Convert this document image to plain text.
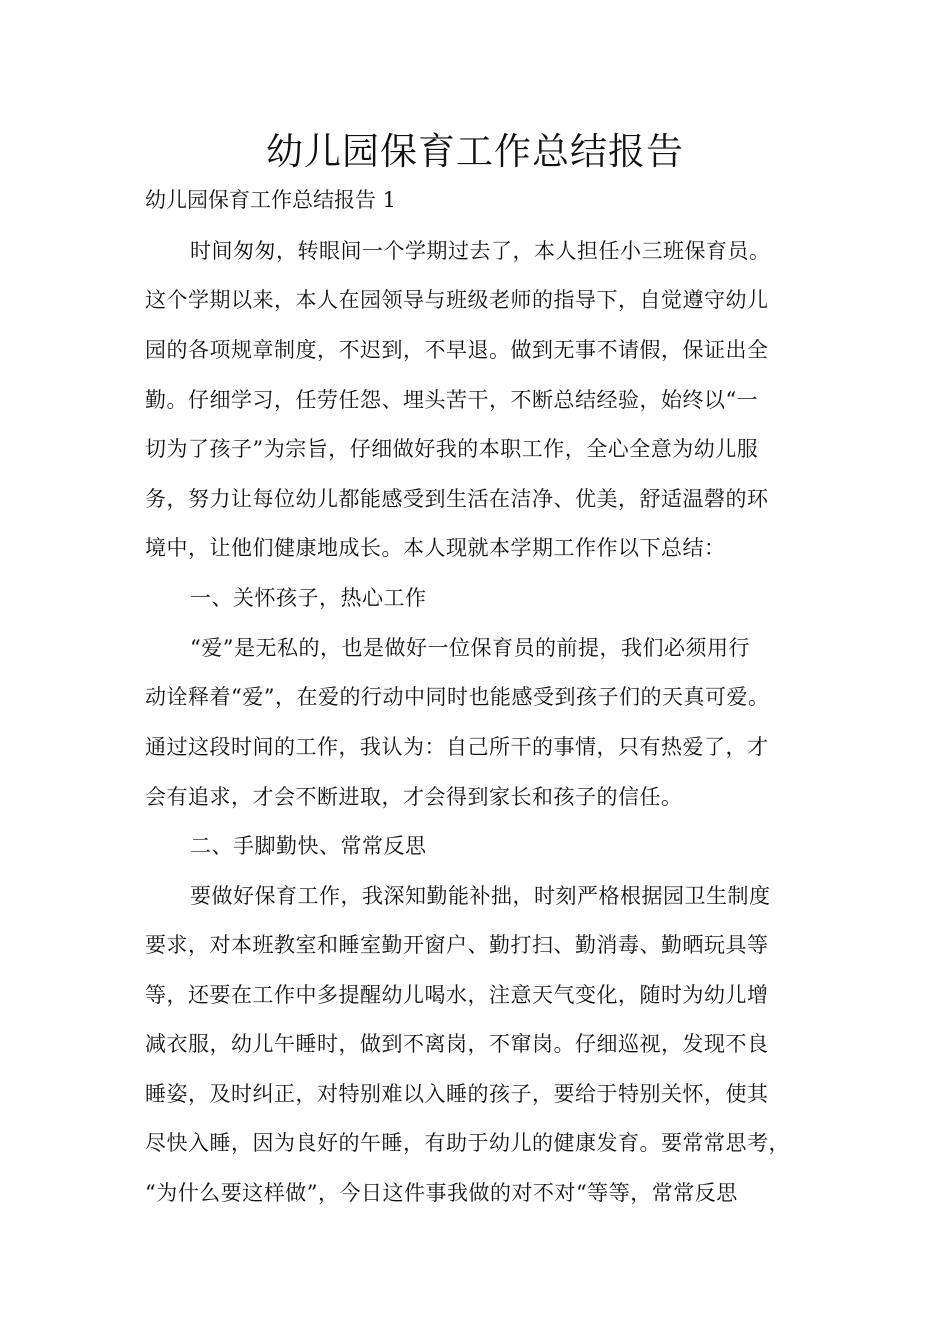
幼儿园保育工作总结报告
幼儿园保育工作总结报告 1
时间匆匆，转眼间一个学期过去了，本人担任小三班保育员。
这个学期以来，本人在园领导与班级老师的指导下，自觉遵守幼儿
园的各项规章制度，不迟到，不早退。做到无事不请假，保证出全
勤。仔细学习，任劳任怨、埋头苦干，不断总结经验，始终以“一
切为了孩子”为宗旨，仔细做好我的本职工作，全心全意为幼儿服
务，努力让每位幼儿都能感受到生活在洁净、优美，舒适温磬的环
境中，让他们健康地成长。本人现就本学期工作作以下总结：
一、关怀孩子，热心工作
“爱”是无私的，也是做好一位保育员的前提，我们必须用行
动诠释着“爱”，在爱的行动中同时也能感受到孩子们的天真可爱。
通过这段时间的工作，我认为：自己所干的事情，只有热爱了，才
会有追求，才会不断进取，才会得到家长和孩子的信任。
二、手脚勤快、常常反思
要做好保育工作，我深知勤能补拙，时刻严格根据园卫生制度
要求，对本班教室和睡室勤开窗户、勤打扫、勤消毒、勤晒玩具等
等，还要在工作中多提醒幼儿喝水，注意天气变化，随时为幼儿增
减衣服，幼儿午睡时，做到不离岗，不窜岗。仔细巡视，发现不良
睡姿，及时纠正，对特别难以入睡的孩子，要给于特别关怀，使其
尽快入睡，因为良好的午睡，有助于幼儿的健康发育。要常常思考，
“为什么要这样做”，今日这件事我做的对不对“等等，常常反思
